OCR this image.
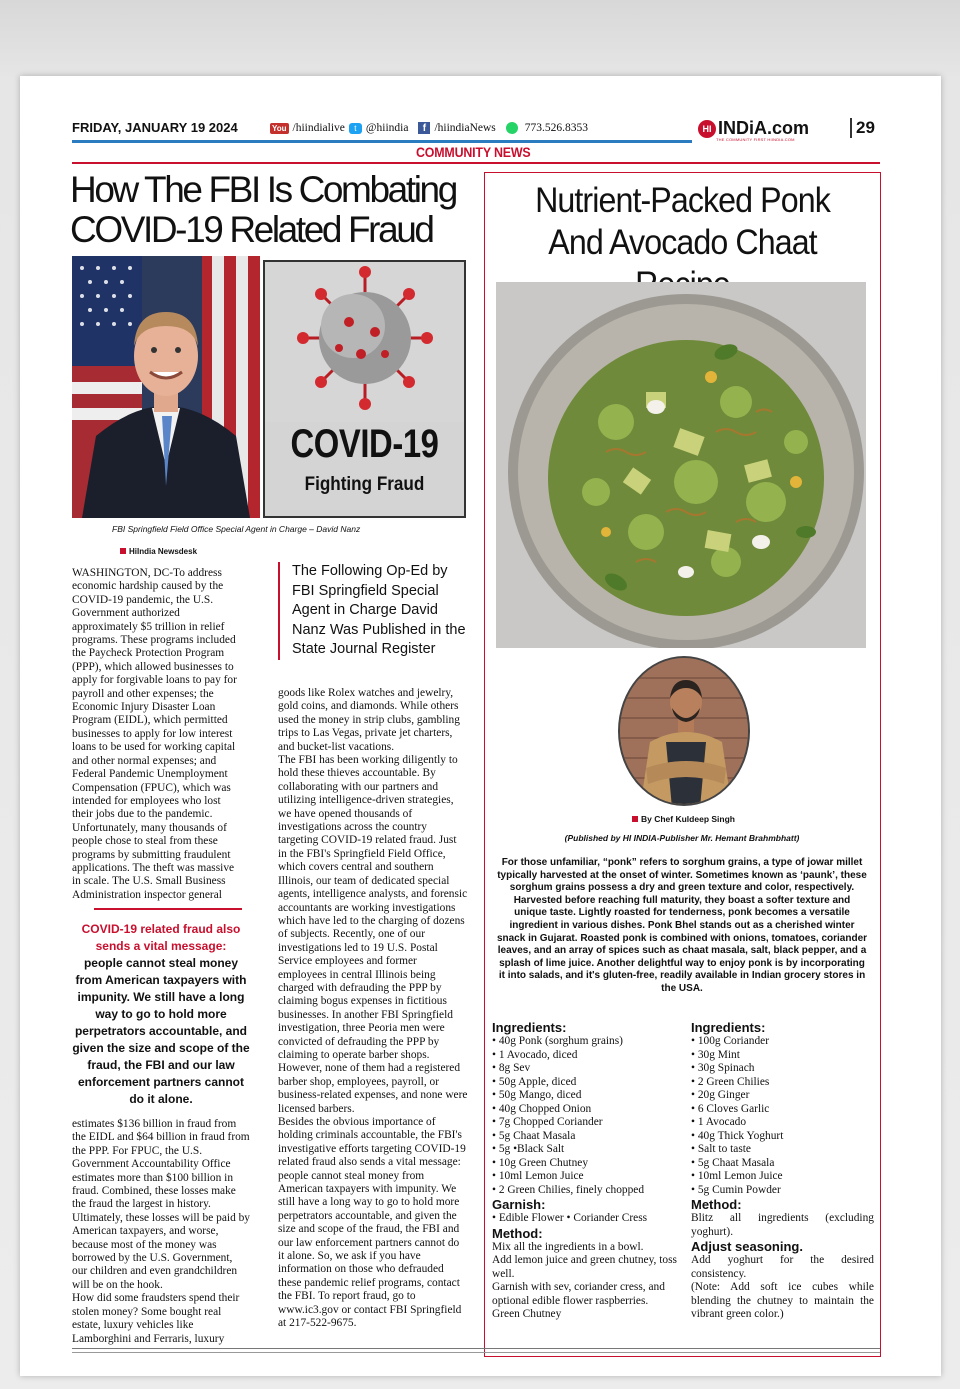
FRIDAY, JANUARY 19 2024	You /hiindialive	t @hiindia	f /hiindiaNews	773.526.8353	HI INDiA.com
THE COMMUNITY FIRST HIINDIA.COM
29
COMMUNITY NEWS
How The FBI Is Combating COVID-19 Related Fraud
COVID-19
Fighting Fraud
FBI Springfield Field Office Special Agent in Charge – David Nanz
HiIndia Newsdesk
WASHINGTON, DC-To address economic hardship caused by the COVID-19 pandemic, the U.S. Government authorized approximately $5 trillion in relief programs. These programs included the Paycheck Protection Program (PPP), which allowed businesses to apply for forgivable loans to pay for payroll and other expenses; the Economic Injury Disaster Loan Program (EIDL), which permitted businesses to apply for low interest loans to be used for working capital and other normal expenses; and Federal Pandemic Unemployment Compensation (FPUC), which was intended for employees who lost their jobs due to the pandemic. Unfortunately, many thousands of people chose to steal from these programs by submitting fraudulent applications. The theft was massive in scale. The U.S. Small Business Administration inspector general
COVID-19 related fraud also sends a vital message:
people cannot steal money from American taxpayers with impunity. We still have a long way to go to hold more perpetrators accountable, and given the size and scope of the fraud, the FBI and our law enforcement partners cannot do it alone.

estimates $136 billion in fraud from the EIDL and $64 billion in fraud from the PPP. For FPUC, the U.S. Government Accountability Office estimates more than $100 billion in fraud. Combined, these losses make the fraud the largest in history. Ultimately, these losses will be paid by American taxpayers, and worse, because most of the money was borrowed by the U.S. Government, our children and even grandchildren will be on the hook.

How did some fraudsters spend their stolen money? Some bought real estate, luxury vehicles like Lamborghini and Ferraris, luxury

The Following Op-Ed by FBI Springfield Special Agent in Charge David Nanz Was Published in the State Journal Register

goods like Rolex watches and jewelry, gold coins, and diamonds. While others used the money in strip clubs, gambling trips to Las Vegas, private jet charters, and bucket-list vacations.

The FBI has been working diligently to hold these thieves accountable. By collaborating with our partners and utilizing intelligence-driven strategies, we have opened thousands of investigations across the country targeting COVID-19 related fraud. Just in the FBI's Springfield Field Office, which covers central and southern Illinois, our team of dedicated special agents, intelligence analysts, and forensic accountants are working investigations which have led to the charging of dozens of subjects. Recently, one of our investigations led to 19 U.S. Postal Service employees and former employees in central Illinois being charged with defrauding the PPP by claiming bogus expenses in fictitious businesses. In another FBI Springfield investigation, three Peoria men were convicted of defrauding the PPP by claiming to operate barber shops. However, none of them had a registered barber shop, employees, payroll, or business-related expenses, and none were licensed barbers.

Besides the obvious importance of holding criminals accountable, the FBI's investigative efforts targeting COVID-19 related fraud also sends a vital message: people cannot steal money from American taxpayers with impunity. We still have a long way to go to hold more perpetrators accountable, and given the size and scope of the fraud, the FBI and our law enforcement partners cannot do it alone. So, we ask if you have information on those who defrauded these pandemic relief programs, contact the FBI. To report fraud, go to www.ic3.gov or contact FBI Springfield at 217-522-9675.

Nutrient-Packed Ponk And Avocado Chaat
By Chef Kuldeep Singh
(Published by HI INDIA-Publisher Mr. Hemant Brahmbhatt)
For those unfamiliar, “ponk” refers to sorghum grains, a type of jowar millet typically harvested at the onset of winter. Sometimes known as ‘paunk’, these sorghum grains possess a dry and green texture and color, respectively. Harvested before reaching full maturity, they boast a softer texture and unique taste. Lightly roasted for tenderness, ponk becomes a versatile ingredient in various dishes. Ponk Bhel stands out as a cherished winter snack in Gujarat. Roasted ponk is combined with onions, tomatoes, coriander leaves, and an array of spices such as chaat masala, salt, black pepper, and a splash of lime juice. Another delightful way to enjoy ponk is by incorporating it into salads, and it's gluten-free, readily available in Indian grocery stores in the USA.
Ingredients:
• 40g Ponk (sorghum grains)
• 1 Avocado, diced
• 8g Sev
• 50g Apple, diced
• 50g Mango, diced
• 40g Chopped Onion
• 7g Chopped Coriander
• 5g Chaat Masala
• 5g •Black Salt
• 10g Green Chutney
• 10ml Lemon Juice
• 2 Green Chilies, finely chopped
Garnish:
• Edible Flower • Coriander Cress
Method:
Mix all the ingredients in a bowl.
Add lemon juice and green chutney, toss well.
Garnish with sev, coriander cress, and optional edible flower raspberries.
Green Chutney
Ingredients:
• 100g Coriander
• 30g Mint
• 30g Spinach
• 2 Green Chilies
• 20g Ginger
• 6 Cloves Garlic
• 1 Avocado
• 40g Thick Yoghurt
• Salt to taste
• 5g Chaat Masala
• 10ml Lemon Juice
• 5g Cumin Powder
Method:
Blitz all ingredients (excluding yoghurt).
Adjust seasoning.
Add yoghurt for the desired consistency.
(Note: Add soft ice cubes while blending the chutney to maintain the vibrant green color.)
